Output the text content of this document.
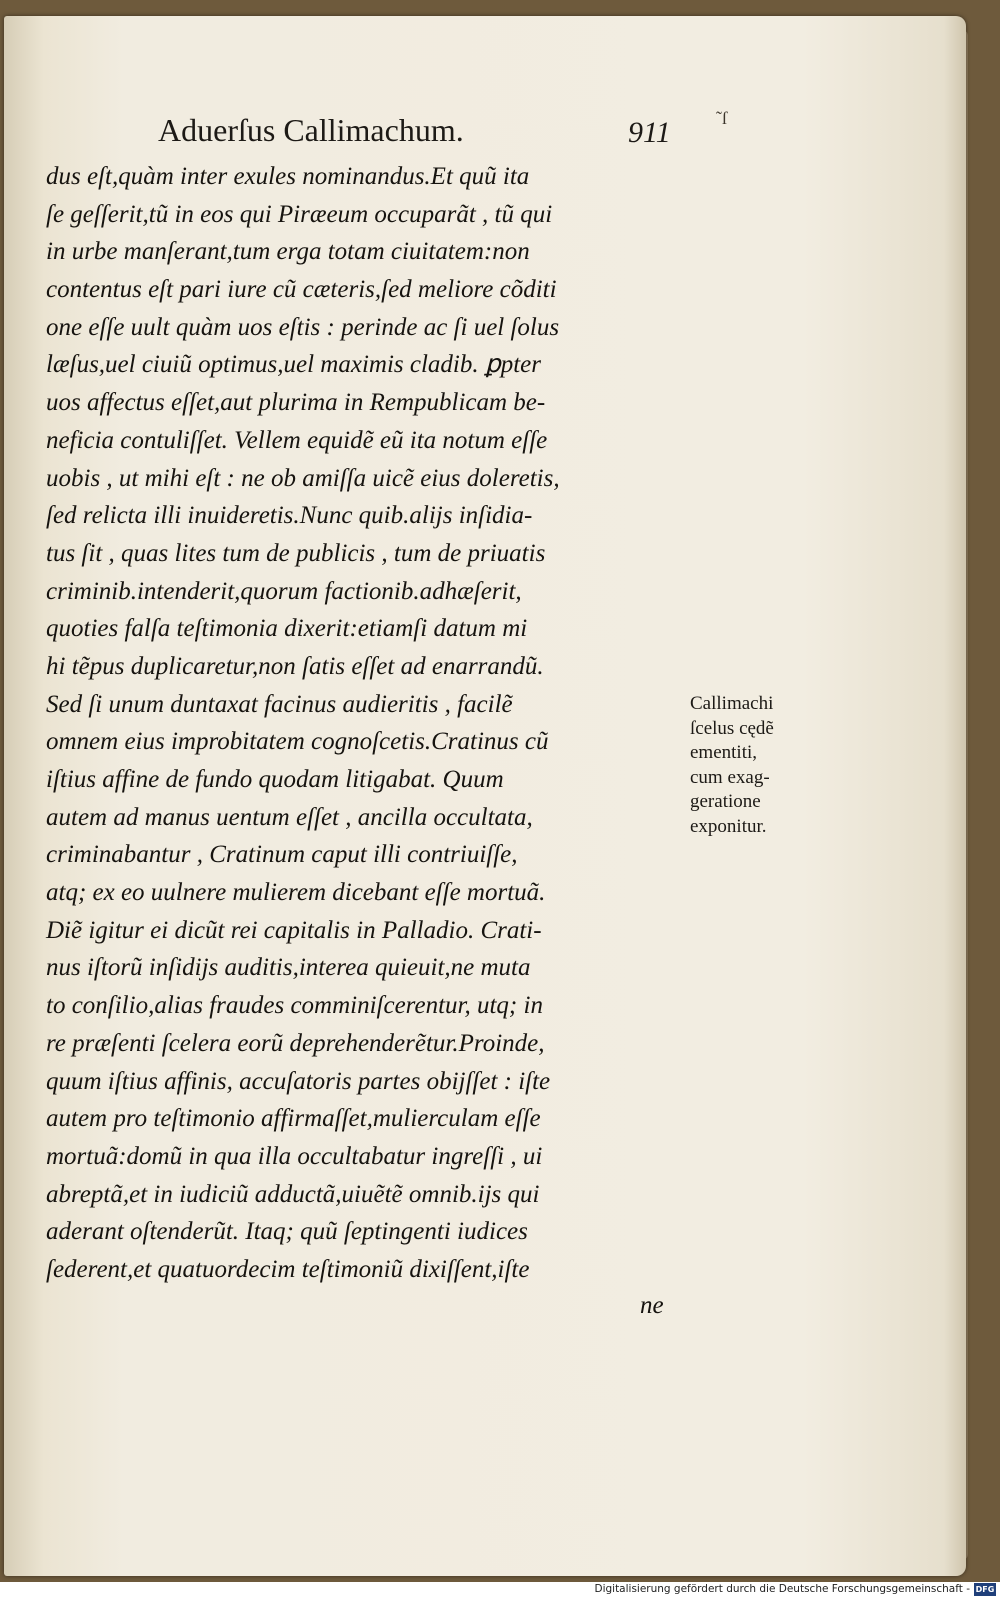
Aduerſus Callimachum.	911	˜ſ
dus eſt,quàm inter exules nominandus.Et quũ ita
ſe geſſerit,tũ in eos qui Piræeum occuparãt , tũ qui
in urbe manſerant,tum erga totam ciuitatem:non
contentus eſt pari iure cũ cæteris,ſed meliore cõditi
one eſſe uult quàm uos eſtis : perinde ac ſi uel ſolus
læſus,uel ciuiũ optimus,uel maximis cladib. ꝑpter
uos affectus eſſet,aut plurima in Rempublicam be-
neficia contuliſſet. Vellem equidẽ eũ ita notum eſſe
uobis , ut mihi eſt : ne ob amiſſa uicẽ eius doleretis,
ſed relicta illi inuideretis.Nunc quib.alijs inſidia-
tus ſit , quas lites tum de publicis , tum de priuatis
criminib.intenderit,quorum factionib.adhæſerit,
quoties falſa teſtimonia dixerit:etiamſi datum mi
hi tẽpus duplicaretur,non ſatis eſſet ad enarrandũ.
Sed ſi unum duntaxat facinus audieritis , facilẽ
omnem eius improbitatem cognoſcetis.Cratinus cũ
iſtius affine de fundo quodam litigabat. Quum
autem ad manus uentum eſſet , ancilla occultata,
criminabantur , Cratinum caput illi contriuiſſe,
atq; ex eo uulnere mulierem dicebant eſſe mortuã.
Diẽ igitur ei dicũt rei capitalis in Palladio. Crati-
nus iſtorũ inſidijs auditis,interea quieuit,ne muta
to conſilio,alias fraudes comminiſcerentur, utq; in
re præſenti ſcelera eorũ deprehenderẽtur.Proinde,
quum iſtius affinis, accuſatoris partes obijſſet : iſte
autem pro teſtimonio affirmaſſet,mulierculam eſſe
mortuã:domũ in qua illa occultabatur ingreſſi , ui
abreptã,et in iudiciũ adductã,uiuẽtẽ omnib.ijs qui
aderant oſtenderũt. Itaq; quũ ſeptingenti iudices
ſederent,et quatuordecim teſtimoniũ dixiſſent,iſte
ne
Callimachi
ſcelus cędẽ
ementiti,
cum exag-
geratione
exponitur.
Digitalisierung gefördert durch die Deutsche Forschungsgemeinschaft - DFG
